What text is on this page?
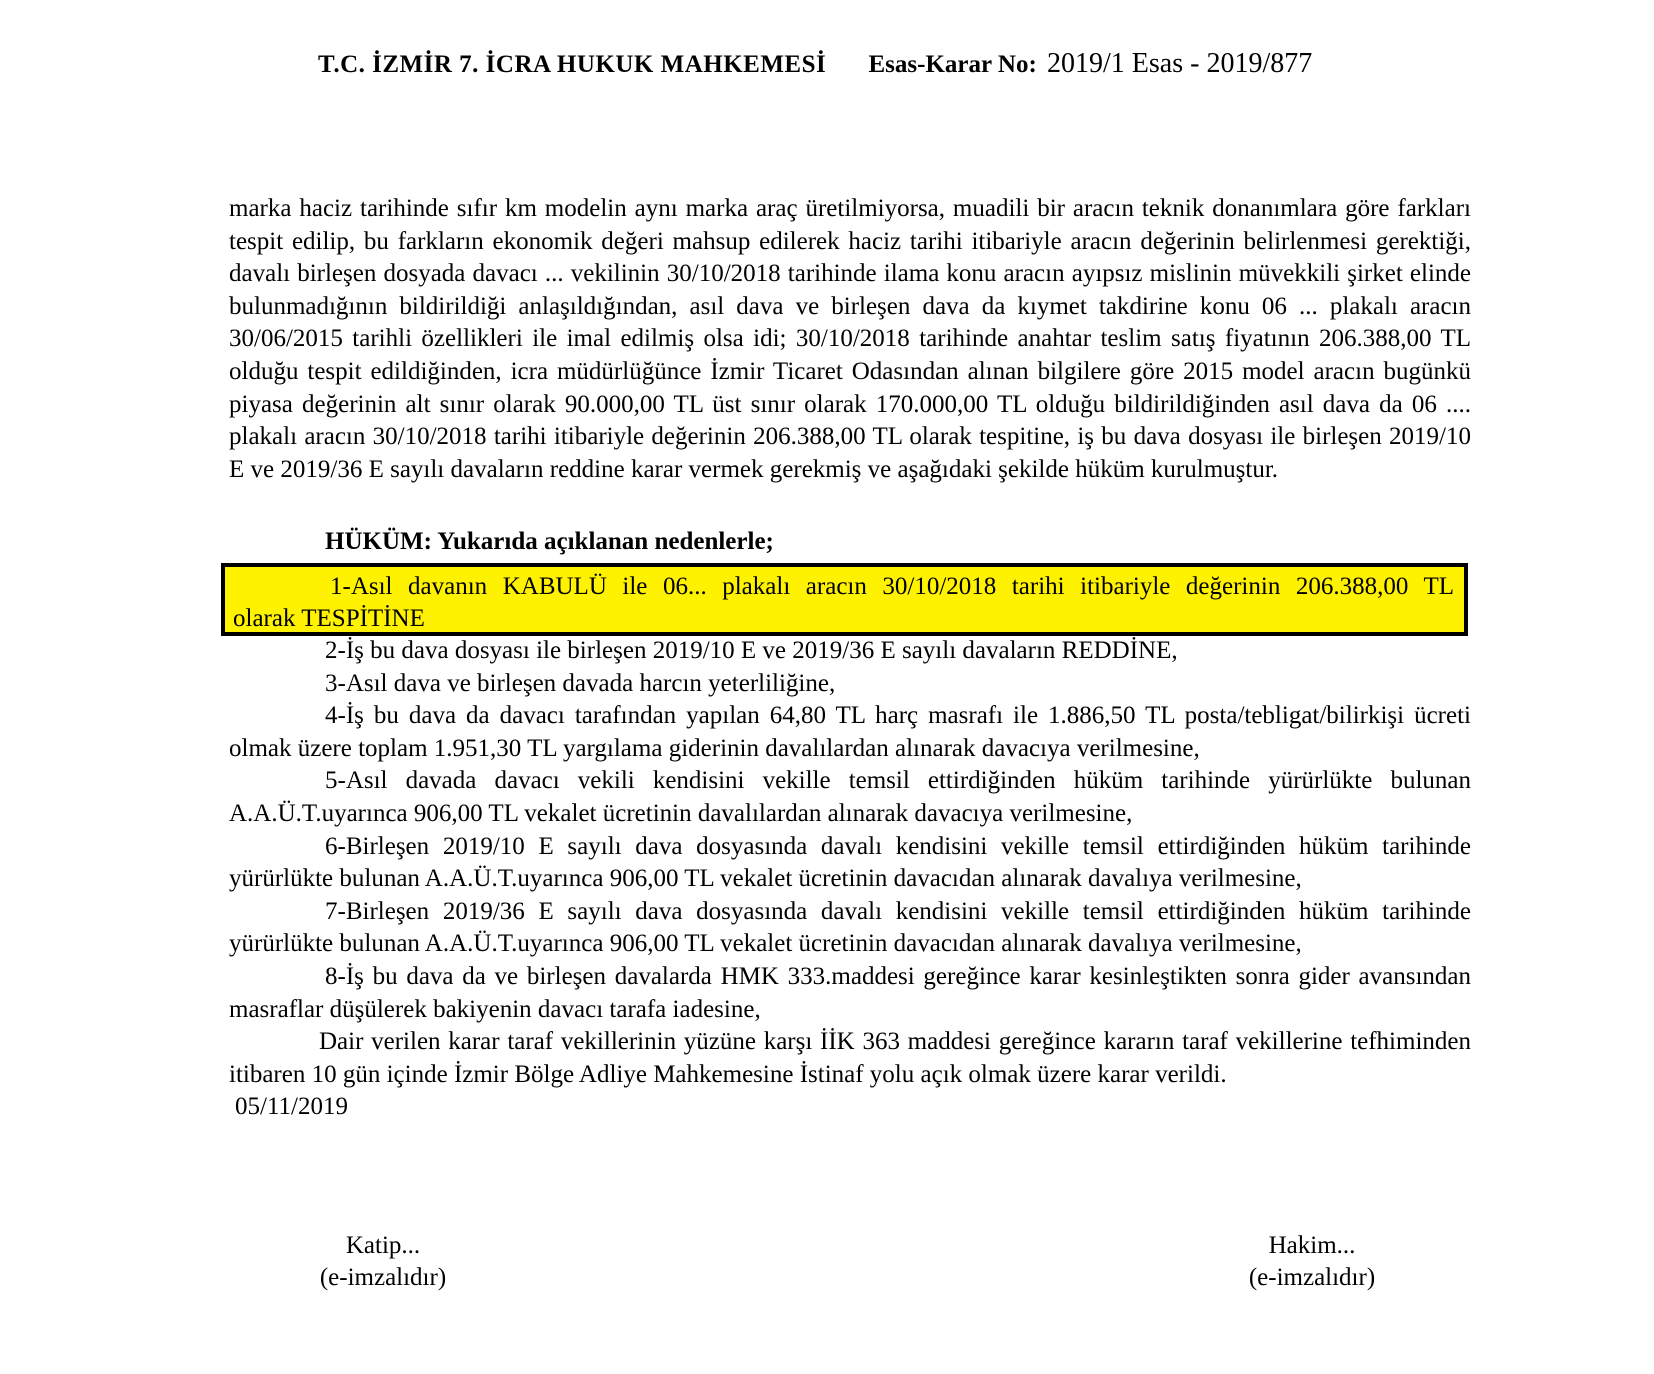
T.C. İZMİR 7. İCRA HUKUK MAHKEMESİ Esas-Karar No: 2019/1 Esas - 2019/877

marka haciz tarihinde sıfır km modelin aynı marka araç üretilmiyorsa, muadili bir aracın teknik donanımlara göre farkları tespit edilip, bu farkların ekonomik değeri mahsup edilerek haciz tarihi itibariyle aracın değerinin belirlenmesi gerektiği, davalı birleşen dosyada davacı ... vekilinin 30/10/2018 tarihinde ilama konu aracın ayıpsız mislinin müvekkili şirket elinde bulunmadığının bildirildiği anlaşıldığından, asıl dava ve birleşen dava da kıymet takdirine konu 06 ... plakalı aracın 30/06/2015 tarihli özellikleri ile imal edilmiş olsa idi; 30/10/2018 tarihinde anahtar teslim satış fiyatının 206.388,00 TL olduğu tespit edildiğinden, icra müdürlüğünce İzmir Ticaret Odasından alınan bilgilere göre 2015 model aracın bugünkü piyasa değerinin alt sınır olarak 90.000,00 TL üst sınır olarak 170.000,00 TL olduğu bildirildiğinden asıl dava da 06 .... plakalı aracın 30/10/2018 tarihi itibariyle değerinin 206.388,00 TL olarak tespitine, iş bu dava dosyası ile birleşen 2019/10 E ve 2019/36 E sayılı davaların reddine karar vermek gerekmiş ve aşağıdaki şekilde hüküm kurulmuştur.

HÜKÜM: Yukarıda açıklanan nedenlerle;
1-Asıl davanın KABULÜ ile 06... plakalı aracın 30/10/2018 tarihi itibariyle değerinin 206.388,00 TL
olarak TESPİTİNE

2-İş bu dava dosyası ile birleşen 2019/10 E ve 2019/36 E sayılı davaların REDDİNE,

3-Asıl dava ve birleşen davada harcın yeterliliğine,

4-İş bu dava da davacı tarafından yapılan 64,80 TL harç masrafı ile 1.886,50 TL posta/tebligat/bilirkişi ücreti olmak üzere toplam 1.951,30 TL yargılama giderinin davalılardan alınarak davacıya verilmesine,

5-Asıl davada davacı vekili kendisini vekille temsil ettirdiğinden hüküm tarihinde yürürlükte bulunan A.A.Ü.T.uyarınca 906,00 TL vekalet ücretinin davalılardan alınarak davacıya verilmesine,

6-Birleşen 2019/10 E sayılı dava dosyasında davalı kendisini vekille temsil ettirdiğinden hüküm tarihinde yürürlükte bulunan A.A.Ü.T.uyarınca 906,00 TL vekalet ücretinin davacıdan alınarak davalıya verilmesine,

7-Birleşen 2019/36 E sayılı dava dosyasında davalı kendisini vekille temsil ettirdiğinden hüküm tarihinde yürürlükte bulunan A.A.Ü.T.uyarınca 906,00 TL vekalet ücretinin davacıdan alınarak davalıya verilmesine,

8-İş bu dava da ve birleşen davalarda HMK 333.maddesi gereğince karar kesinleştikten sonra gider avansından masraflar düşülerek bakiyenin davacı tarafa iadesine,

Dair verilen karar taraf vekillerinin yüzüne karşı İİK 363 maddesi gereğince kararın taraf vekillerine tefhiminden itibaren 10 gün içinde İzmir Bölge Adliye Mahkemesine İstinaf yolu açık olmak üzere karar verildi.

05/11/2019

Katip...
(e-imzalıdır)
Hakim...
(e-imzalıdır)
